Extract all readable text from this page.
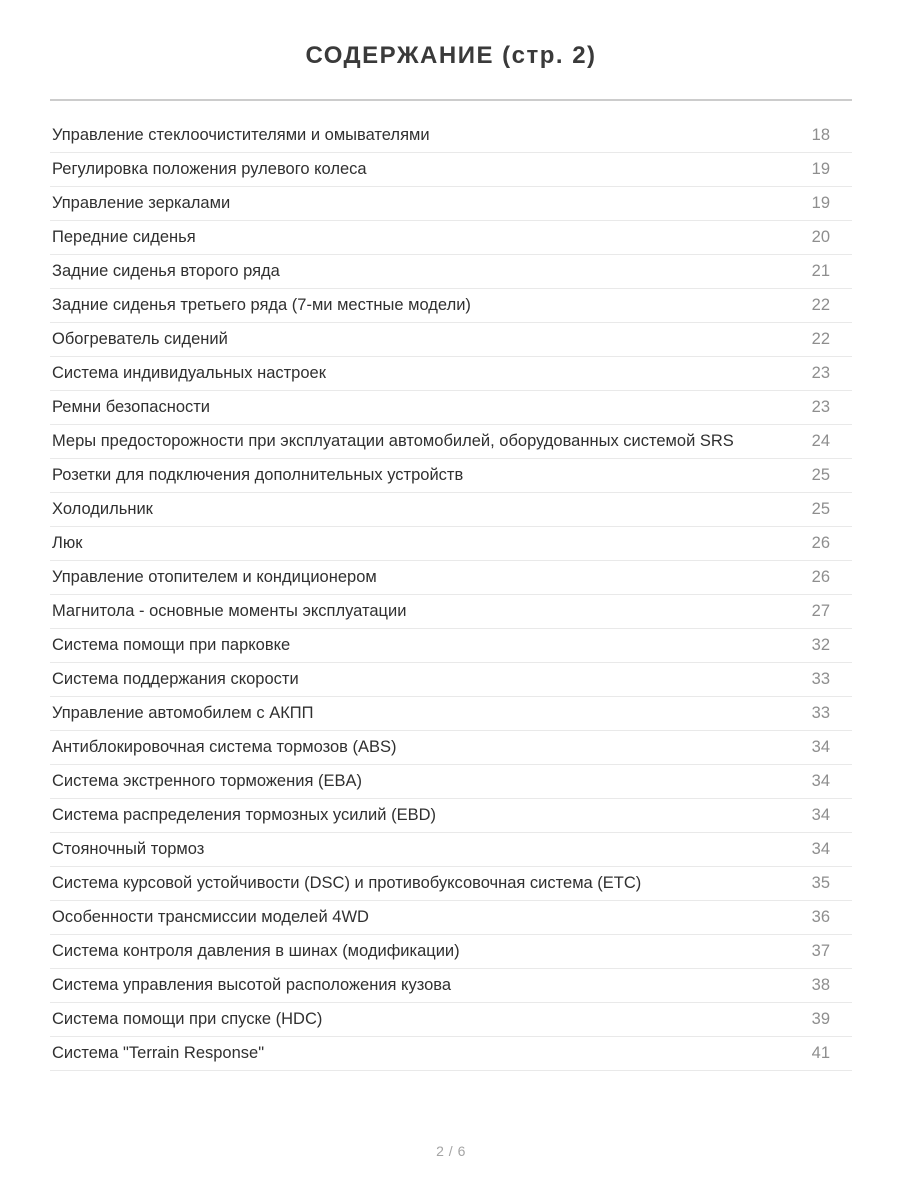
СОДЕРЖАНИЕ (стр. 2)
Управление стеклоочистителями и омывателями	18
Регулировка положения рулевого колеса	19
Управление зеркалами	19
Передние сиденья	20
Задние сиденья второго ряда	21
Задние сиденья третьего ряда (7-ми местные модели)	22
Обогреватель сидений	22
Система индивидуальных настроек	23
Ремни безопасности	23
Меры предосторожности при эксплуатации автомобилей, оборудованных системой SRS	24
Розетки для подключения дополнительных устройств	25
Холодильник	25
Люк	26
Управление отопителем и кондиционером	26
Магнитола - основные моменты эксплуатации	27
Система помощи при парковке	32
Система поддержания скорости	33
Управление автомобилем с АКПП	33
Антиблокировочная система тормозов (ABS)	34
Система экстренного торможения (EBA)	34
Система распределения тормозных усилий (EBD)	34
Стояночный тормоз	34
Система курсовой устойчивости (DSC) и противобуксовочная система (ETC)	35
Особенности трансмиссии моделей 4WD	36
Система контроля давления в шинах (модификации)	37
Система управления высотой расположения кузова	38
Система помощи при спуске (HDC)	39
Система "Terrain Response"	41
2 / 6
